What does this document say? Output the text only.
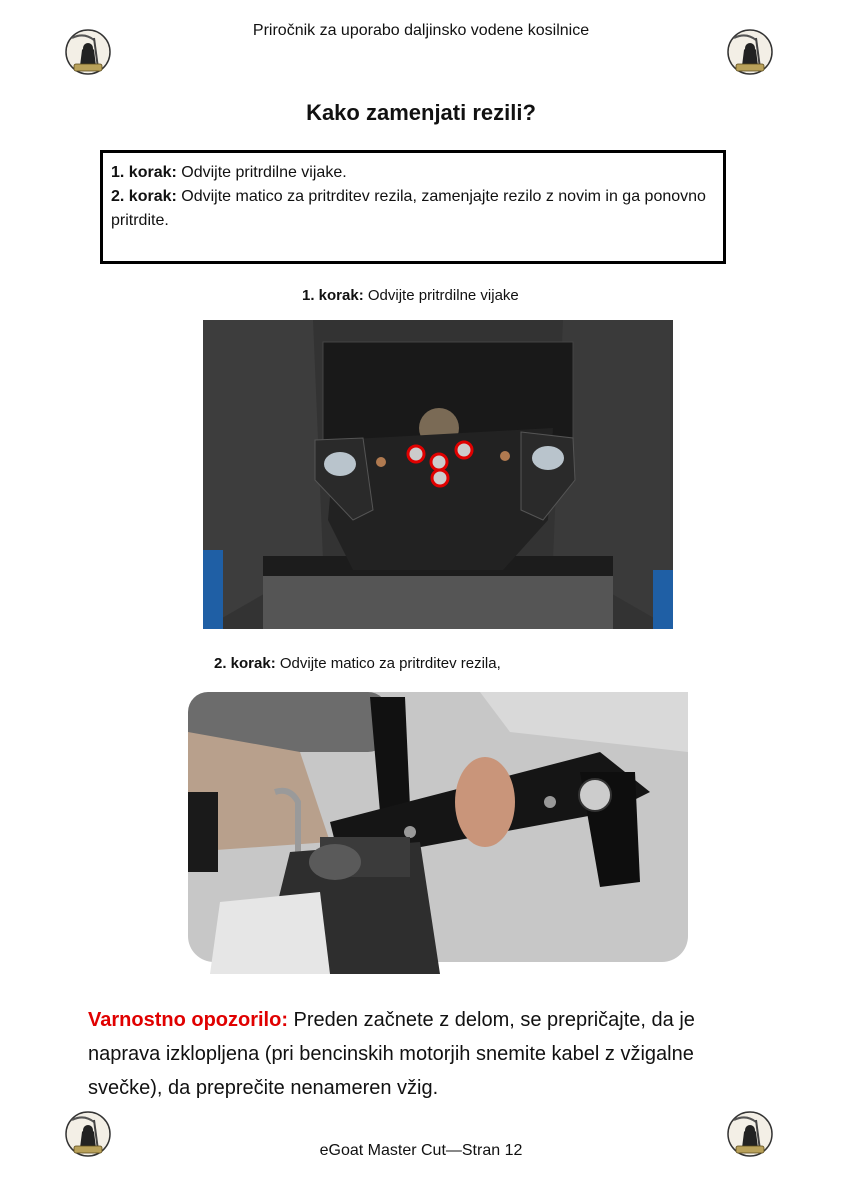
Priročnik za uporabo daljinsko vodene kosilnice
Kako zamenjati rezili?
1. korak: Odvijte pritrdilne vijake.
2. korak: Odvijte matico za pritrditev rezila, zamenjajte rezilo z novim in ga ponovno pritrdite.
1. korak: Odvijte pritrdilne vijake
2. korak: Odvijte matico za pritrditev rezila,
Varnostno opozorilo: Preden začnete z delom, se prepričajte, da je naprava izklopljena (pri bencinskih motorjih snemite kabel z vžigalne svečke), da preprečite nenameren vžig.
eGoat Master Cut—Stran 12
